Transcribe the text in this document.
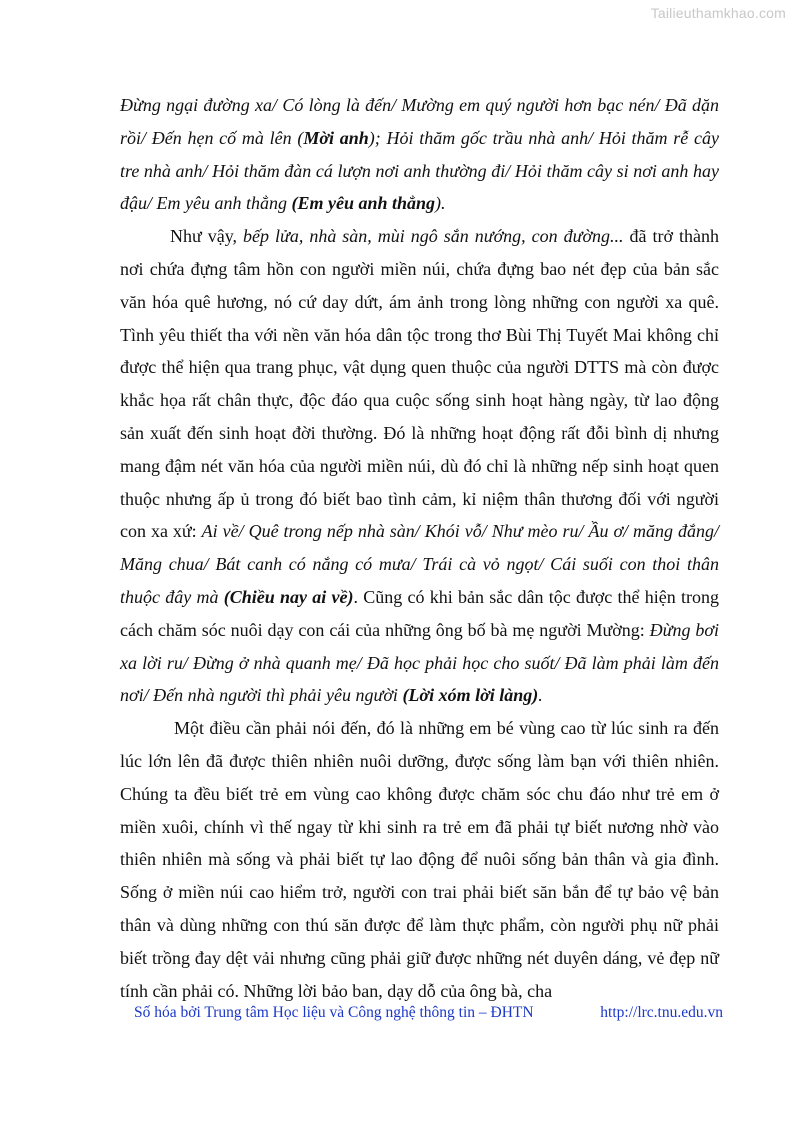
Tailieuthamkhao.com

Đừng ngại đường xa/ Có lòng là đến/ Mường em quý người hơn bạc nén/ Đã dặn rồi/ Đến hẹn cố mà lên (Mời anh); Hỏi thăm gốc trầu nhà anh/ Hỏi thăm rễ cây tre nhà anh/ Hỏi thăm đàn cá lượn nơi anh thường đi/ Hỏi thăm cây si nơi anh hay đậu/ Em yêu anh thẳng (Em yêu anh thẳng).

Như vậy, bếp lửa, nhà sàn, mùi ngô sắn nướng, con đường... đã trở thành nơi chứa đựng tâm hồn con người miền núi, chứa đựng bao nét đẹp của bản sắc văn hóa quê hương, nó cứ day dứt, ám ảnh trong lòng những con người xa quê. Tình yêu thiết tha với nền văn hóa dân tộc trong thơ Bùi Thị Tuyết Mai không chỉ được thể hiện qua trang phục, vật dụng quen thuộc của người DTTS mà còn được khắc họa rất chân thực, độc đáo qua cuộc sống sinh hoạt hàng ngày, từ lao động sản xuất đến sinh hoạt đời thường. Đó là những hoạt động rất đỗi bình dị nhưng mang đậm nét văn hóa của người miền núi, dù đó chỉ là những nếp sinh hoạt quen thuộc nhưng ấp ủ trong đó biết bao tình cảm, kỉ niệm thân thương đối với người con xa xứ: Ai về/ Quê trong nếp nhà sàn/ Khói vỗ/ Như mèo ru/ Ầu ơ/ măng đắng/ Măng chua/ Bát canh có nắng có mưa/ Trái cà vỏ ngọt/ Cái suối con thoi thân thuộc đây mà (Chiều nay ai về). Cũng có khi bản sắc dân tộc được thể hiện trong cách chăm sóc nuôi dạy con cái của những ông bố bà mẹ người Mường: Đừng bơi xa lời ru/ Đừng ở nhà quanh mẹ/ Đã học phải học cho suốt/ Đã làm phải làm đến nơi/ Đến nhà người thì phải yêu người (Lời xóm lời làng).

Một điều cần phải nói đến, đó là những em bé vùng cao từ lúc sinh ra đến lúc lớn lên đã được thiên nhiên nuôi dưỡng, được sống làm bạn với thiên nhiên. Chúng ta đều biết trẻ em vùng cao không được chăm sóc chu đáo như trẻ em ở miền xuôi, chính vì thế ngay từ khi sinh ra trẻ em đã phải tự biết nương nhờ vào thiên nhiên mà sống và phải biết tự lao động để nuôi sống bản thân và gia đình. Sống ở miền núi cao hiểm trở, người con trai phải biết săn bắn để tự bảo vệ bản thân và dùng những con thú săn được để làm thực phẩm, còn người phụ nữ phải biết trồng đay dệt vải nhưng cũng phải giữ được những nét duyên dáng, vẻ đẹp nữ tính cần phải có. Những lời bảo ban, dạy dỗ của ông bà, cha

Số hóa bởi Trung tâm Học liệu và Công nghệ thông tin – ĐHTN	http://lrc.tnu.edu.vn
